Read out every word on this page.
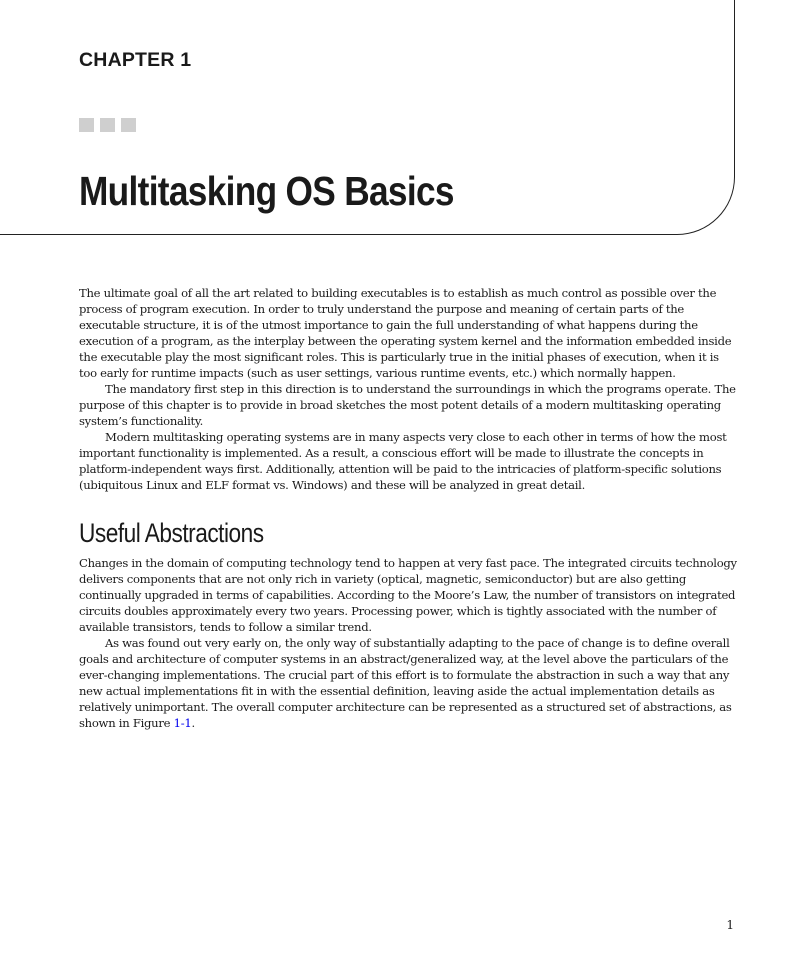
CHAPTER 1
Multitasking OS Basics

The ultimate goal of all the art related to building executables is to establish as much control as possible over the process of program execution. In order to truly understand the purpose and meaning of certain parts of the executable structure, it is of the utmost importance to gain the full understanding of what happens during the execution of a program, as the interplay between the operating system kernel and the information embedded inside the executable play the most significant roles. This is particularly true in the initial phases of execution, when it is too early for runtime impacts (such as user settings, various runtime events, etc.) which normally happen.

The mandatory first step in this direction is to understand the surroundings in which the programs operate. The purpose of this chapter is to provide in broad sketches the most potent details of a modern multitasking operating system’s functionality.

Modern multitasking operating systems are in many aspects very close to each other in terms of how the most important functionality is implemented. As a result, a conscious effort will be made to illustrate the concepts in platform-independent ways first. Additionally, attention will be paid to the intricacies of platform-specific solutions (ubiquitous Linux and ELF format vs. Windows) and these will be analyzed in great detail.

Useful Abstractions

Changes in the domain of computing technology tend to happen at very fast pace. The integrated circuits technology delivers components that are not only rich in variety (optical, magnetic, semiconductor) but are also getting continually upgraded in terms of capabilities. According to the Moore’s Law, the number of transistors on integrated circuits doubles approximately every two years. Processing power, which is tightly associated with the number of available transistors, tends to follow a similar trend.

As was found out very early on, the only way of substantially adapting to the pace of change is to define overall goals and architecture of computer systems in an abstract/generalized way, at the level above the particulars of the ever-changing implementations. The crucial part of this effort is to formulate the abstraction in such a way that any new actual implementations fit in with the essential definition, leaving aside the actual implementation details as relatively unimportant. The overall computer architecture can be represented as a structured set of abstractions, as shown in Figure 1-1.

1
